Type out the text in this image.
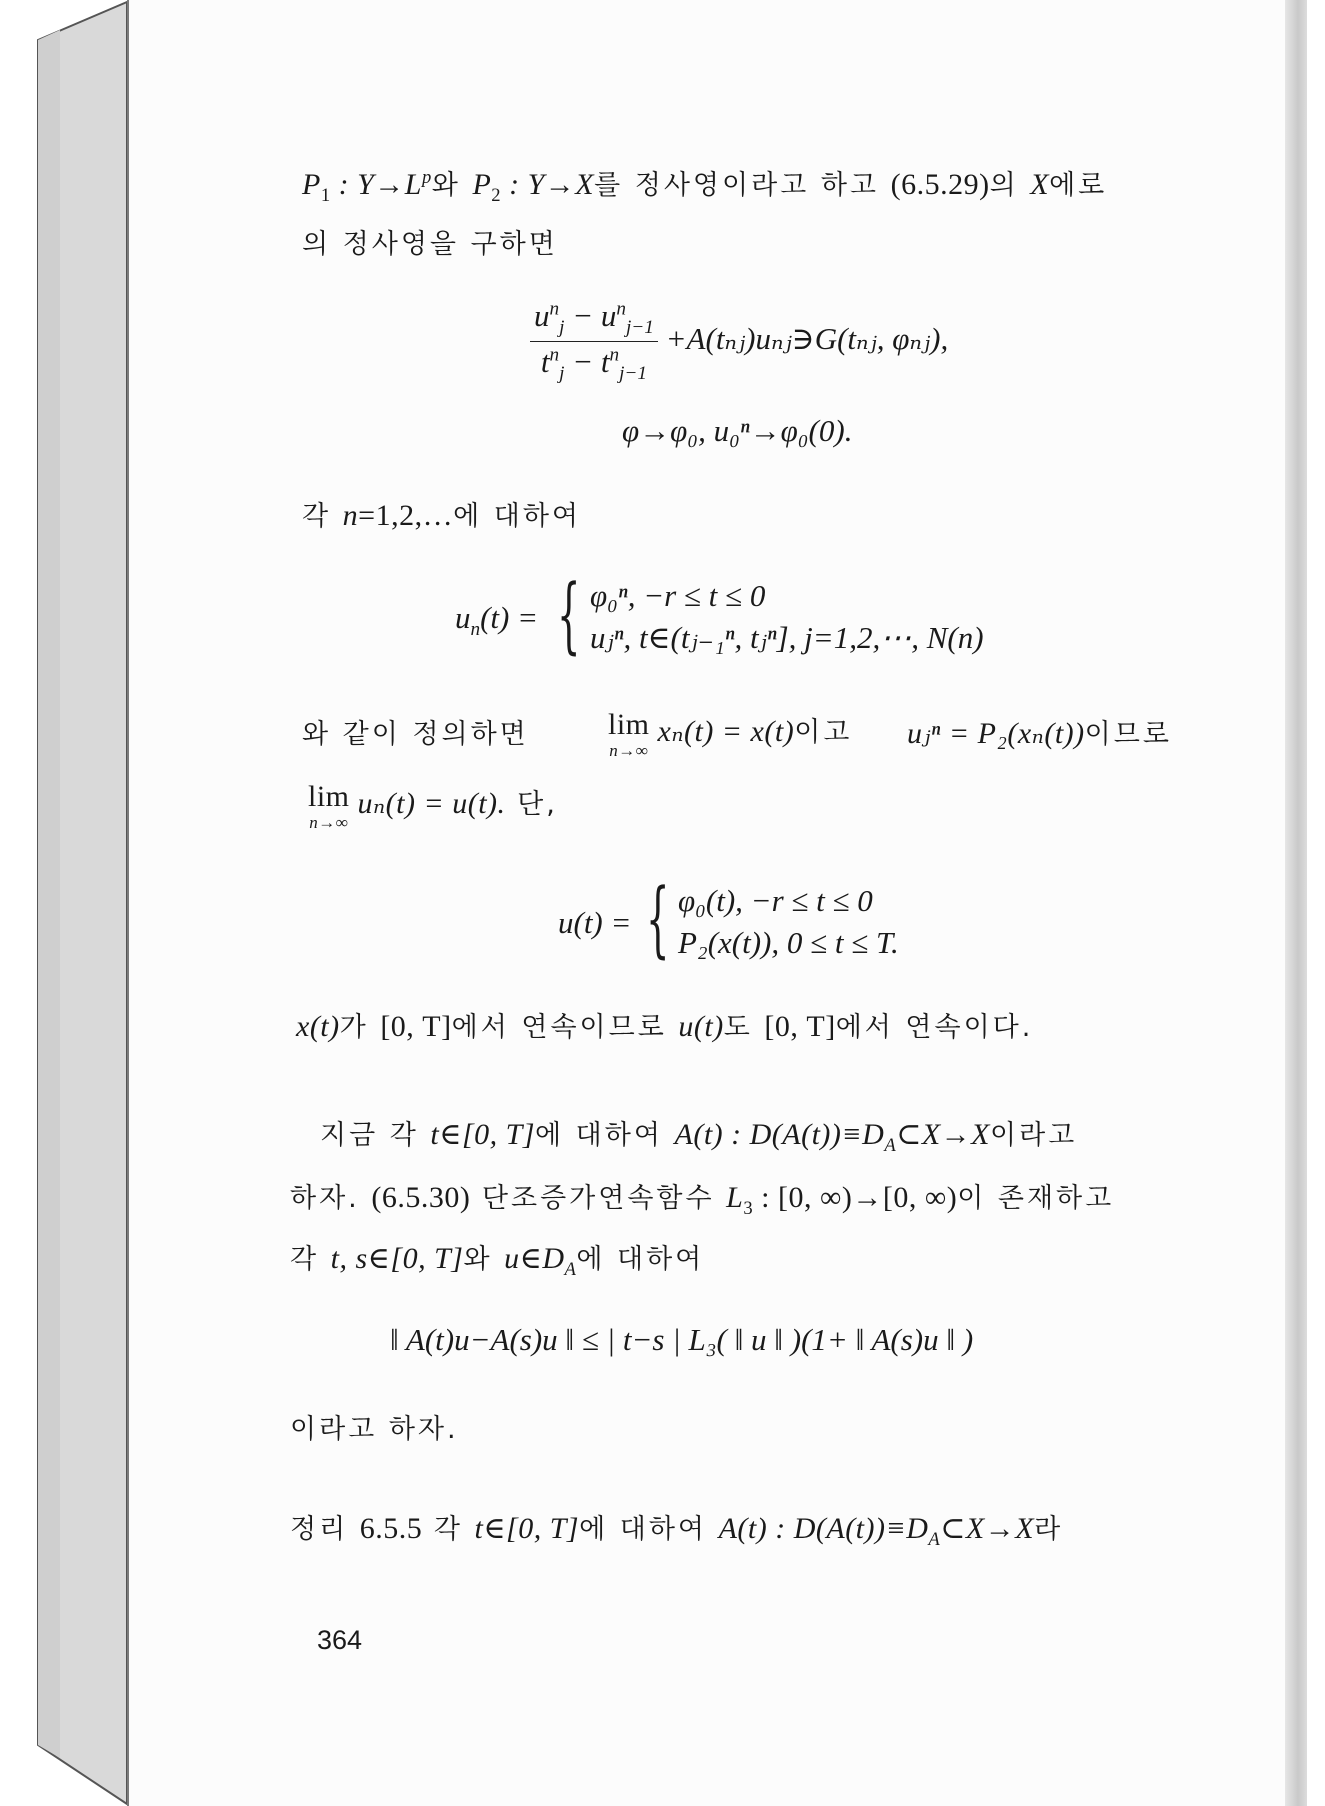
$P_1$ : $Y\to L^p$와 $P_2$ : Y→X를 정사영이라고 하고 (6.5.29)의 X에로
의 정사영을 구하면
$\frac{u^n_j - u^n_{j-1}}{t^n_j - t^n_{j-1}}$ +A(tₙⱼ)uₙⱼ∋G(tₙⱼ, φₙⱼ),
φ→φ₀, u₀ⁿ→φ₀(0).
각 n=1,2,…에 대하여
$u_n(t)$ = { φ₀ⁿ, −r ≤ t ≤ 0
uⱼⁿ, t∈(tⱼ₋₁ⁿ, tⱼⁿ], j=1,2,⋯, N(n)
와 같이 정의하면	lim
n→∞
xₙ(t) = x(t)이고 uⱼⁿ = P₂(xₙ(t))이므로
lim
n→∞
uₙ(t) = u(t). 단,
u(t) = { φ₀(t), −r ≤ t ≤ 0
P₂(x(t)), 0 ≤ t ≤ T.
x(t)가 [0, T]에서 연속이므로 u(t)도 [0, T]에서 연속이다.
지금 각 t∈[0, T]에 대하여 A(t) : $D(A(t))\equiv D_A\subset X\to X$이라고
하자. (6.5.30) 단조증가연속함수 $L_3$ : [0, ∞)→[0, ∞)이 존재하고
각 t, s∈[0, T]와 $u\in D_A$에 대하여
‖ A(t)u−A(s)u ‖ ≤ | t−s | L₃( ‖ u ‖ )(1+ ‖ A(s)u ‖ )
이라고 하자.
정리 6.5.5 각 t∈[0, T]에 대하여 A(t) : $D(A(t))\equiv D_A\subset X\to X$라
364
